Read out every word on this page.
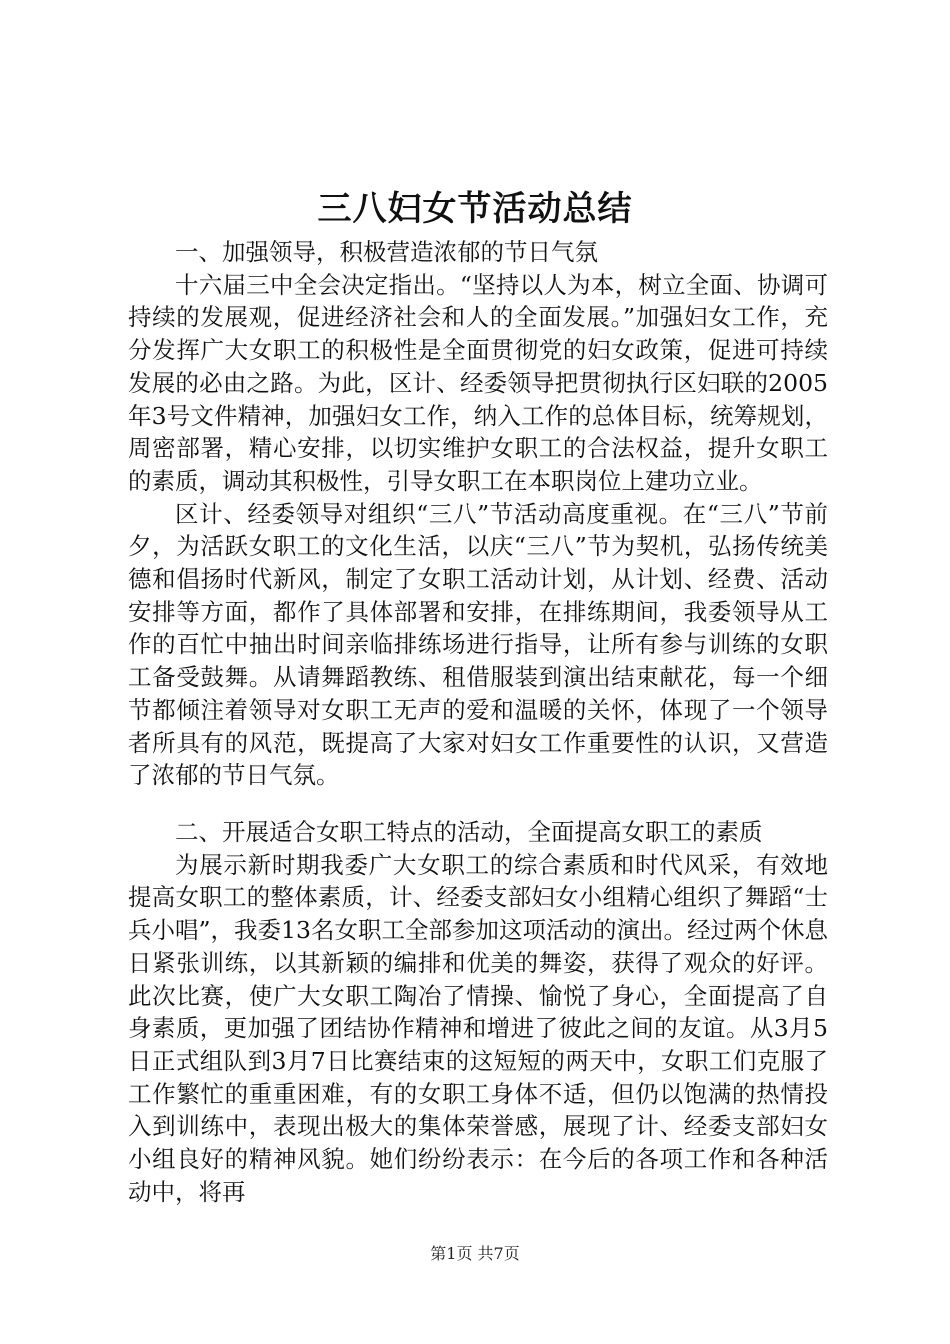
三八妇女节活动总结

一、加强领导，积极营造浓郁的节日气氛

十六届三中全会决定指出。“坚持以人为本，树立全面、协调可持续的发展观，促进经济社会和人的全面发展。”加强妇女工作，充分发挥广大女职工的积极性是全面贯彻党的妇女政策，促进可持续发展的必由之路。为此，区计、经委领导把贯彻执行区妇联的2005年3号文件精神，加强妇女工作，纳入工作的总体目标，统筹规划，周密部署，精心安排，以切实维护女职工的合法权益，提升女职工的素质，调动其积极性，引导女职工在本职岗位上建功立业。

区计、经委领导对组织“三八”节活动高度重视。在“三八”节前夕，为活跃女职工的文化生活，以庆“三八”节为契机，弘扬传统美德和倡扬时代新风，制定了女职工活动计划，从计划、经费、活动安排等方面，都作了具体部署和安排，在排练期间，我委领导从工作的百忙中抽出时间亲临排练场进行指导，让所有参与训练的女职工备受鼓舞。从请舞蹈教练、租借服装到演出结束献花，每一个细节都倾注着领导对女职工无声的爱和温暖的关怀，体现了一个领导者所具有的风范，既提高了大家对妇女工作重要性的认识，又营造了浓郁的节日气氛。

二、开展适合女职工特点的活动，全面提高女职工的素质

为展示新时期我委广大女职工的综合素质和时代风采，有效地提高女职工的整体素质，计、经委支部妇女小组精心组织了舞蹈“士兵小唱”，我委13名女职工全部参加这项活动的演出。经过两个休息日紧张训练，以其新颖的编排和优美的舞姿，获得了观众的好评。此次比赛，使广大女职工陶冶了情操、愉悦了身心，全面提高了自身素质，更加强了团结协作精神和增进了彼此之间的友谊。从3月5日正式组队到3月7日比赛结束的这短短的两天中，女职工们克服了工作繁忙的重重困难，有的女职工身体不适，但仍以饱满的热情投入到训练中，表现出极大的集体荣誉感，展现了计、经委支部妇女小组良好的精神风貌。她们纷纷表示：在今后的各项工作和各种活动中，将再

第1页 共7页
